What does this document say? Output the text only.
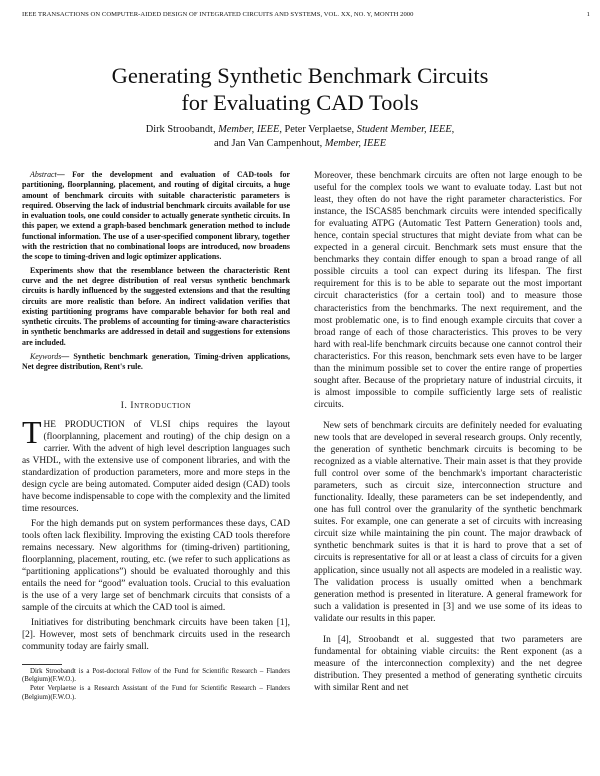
IEEE TRANSACTIONS ON COMPUTER-AIDED DESIGN OF INTEGRATED CIRCUITS AND SYSTEMS, VOL. XX, NO. Y, MONTH 2000	1
Generating Synthetic Benchmark Circuits
for Evaluating CAD Tools
Dirk Stroobandt, Member, IEEE, Peter Verplaetse, Student Member, IEEE,
and Jan Van Campenhout, Member, IEEE

Abstract— For the development and evaluation of CAD-tools for partitioning, floorplanning, placement, and routing of digital circuits, a huge amount of benchmark circuits with suitable characteristic parameters is required. Observing the lack of industrial benchmark circuits available for use in evaluation tools, one could consider to actually generate synthetic circuits. In this paper, we extend a graph-based benchmark generation method to include functional information. The use of a user-specified component library, together with the restriction that no combinational loops are introduced, now broadens the scope to timing-driven and logic optimizer applications.

Experiments show that the resemblance between the characteristic Rent curve and the net degree distribution of real versus synthetic benchmark circuits is hardly influenced by the suggested extensions and that the resulting circuits are more realistic than before. An indirect validation verifies that existing partitioning programs have comparable behavior for both real and synthetic circuits. The problems of accounting for timing-aware characteristics in synthetic benchmarks are addressed in detail and suggestions for extensions are included.

Keywords— Synthetic benchmark generation, Timing-driven applications, Net degree distribution, Rent's rule.

I. Introduction

THE PRODUCTION of VLSI chips requires the layout (floorplanning, placement and routing) of the chip design on a carrier. With the advent of high level description languages such as VHDL, with the extensive use of component libraries, and with the standardization of production parameters, more and more steps in the design cycle are being automated. Computer aided design (CAD) tools have become indispensable to cope with the complexity and the limited time resources.

For the high demands put on system performances these days, CAD tools often lack flexibility. Improving the existing CAD tools therefore remains necessary. New algorithms for (timing-driven) partitioning, floorplanning, placement, routing, etc. (we refer to such applications as “partitioning applications”) should be evaluated thoroughly and this entails the need for “good” evaluation tools. Crucial to this evaluation is the use of a very large set of benchmark circuits that consists of a sample of the circuits at which the CAD tool is aimed.

Initiatives for distributing benchmark circuits have been taken [1], [2]. However, most sets of benchmark circuits used in the research community today are fairly small.

Dirk Stroobandt is a Post-doctoral Fellow of the Fund for Scientific Research – Flanders (Belgium)(F.W.O.).

Peter Verplaetse is a Research Assistant of the Fund for Scientific Research – Flanders (Belgium)(F.W.O.).

Moreover, these benchmark circuits are often not large enough to be useful for the complex tools we want to evaluate today. Last but not least, they often do not have the right parameter characteristics. For instance, the ISCAS85 benchmark circuits were intended specifically for evaluating ATPG (Automatic Test Pattern Generation) tools and, hence, contain special structures that might deviate from what can be expected in a general circuit. Benchmark sets must ensure that the benchmarks they contain differ enough to span a broad range of all possible circuits a tool can expect during its lifespan. The first requirement for this is to be able to separate out the most important circuit characteristics (for a certain tool) and to measure those characteristics from the benchmarks. The next requirement, and the most problematic one, is to find enough example circuits that cover a broad range of each of those characteristics. This proves to be very hard with real-life benchmark circuits because one cannot control their characteristics. For this reason, benchmark sets even have to be larger than the minimum possible set to cover the entire range of properties sought after. Because of the proprietary nature of industrial circuits, it is almost impossible to compile sufficiently large sets of realistic circuits.

New sets of benchmark circuits are definitely needed for evaluating new tools that are developed in several research groups. Only recently, the generation of synthetic benchmark circuits is becoming to be recognized as a viable alternative. Their main asset is that they provide full control over some of the benchmark's important characteristic parameters, such as circuit size, interconnection structure and functionality. Ideally, these parameters can be set independently, and one has full control over the granularity of the synthetic benchmark suites. For example, one can generate a set of circuits with increasing circuit size while maintaining the pin count. The major drawback of synthetic benchmark suites is that it is hard to prove that a set of circuits is representative for all or at least a class of circuits for a given application, since usually not all aspects are modeled in a realistic way. The validation process is usually omitted when a benchmark generation method is presented in literature. A general framework for such a validation is presented in [3] and we use some of its ideas to validate our results in this paper.

In [4], Stroobandt et al. suggested that two parameters are fundamental for obtaining viable circuits: the Rent exponent (as a measure of the interconnection complexity) and the net degree distribution. They presented a method of generating synthetic circuits with similar Rent and net
